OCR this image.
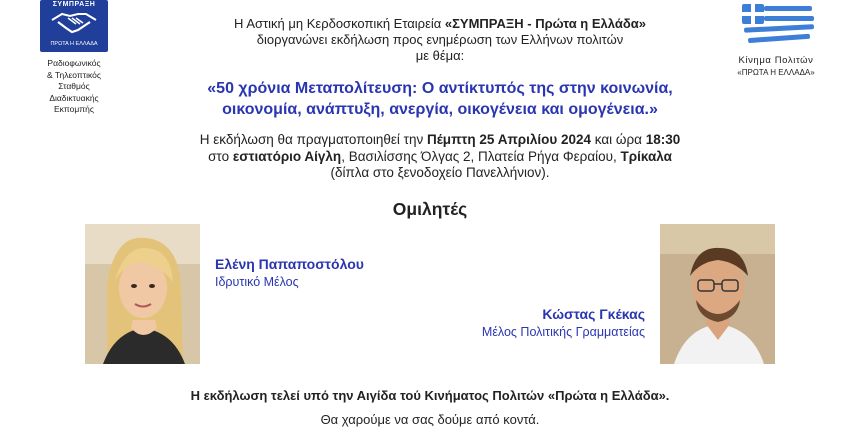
ΣΥΜΠΡΑΞΗ
ΠΡΩΤΑ Η ΕΛΛΑΔΑ
Ραδιοφωνικός
& Τηλεοπτικός
Σταθμός
Διαδικτυακής
Εκπομπής
Κίνημα Πολιτών
«ΠΡΩΤΑ Η ΕΛΛΑΔΑ»
Η Αστική μη Κερδοσκοπική Εταιρεία «ΣΥΜΠΡΑΞΗ - Πρώτα η Ελλάδα»
διοργανώνει εκδήλωση προς ενημέρωση των Ελλήνων πολιτών
με θέμα:
«50 χρόνια Μεταπολίτευση: Ο αντίκτυπός της στην κοινωνία,
οικονομία, ανάπτυξη, ανεργία, οικογένεια και ομογένεια.»
Η εκδήλωση θα πραγματοποιηθεί την Πέμπτη 25 Απριλίου 2024 και ώρα 18:30
στο εστιατόριο Αίγλη, Βασιλίσσης Όλγας 2, Πλατεία Ρήγα Φεραίου, Τρίκαλα
(δίπλα στο ξενοδοχείο Πανελλήνιον).
Ομιλητές
Ελένη Παπαποστόλου
Ιδρυτικό Μέλος
Κώστας Γκέκας
Μέλος Πολιτικής Γραμματείας
Η εκδήλωση τελεί υπό την Αιγίδα τού Κινήματος Πολιτών «Πρώτα η Ελλάδα».
Θα χαρούμε να σας δούμε από κοντά.
